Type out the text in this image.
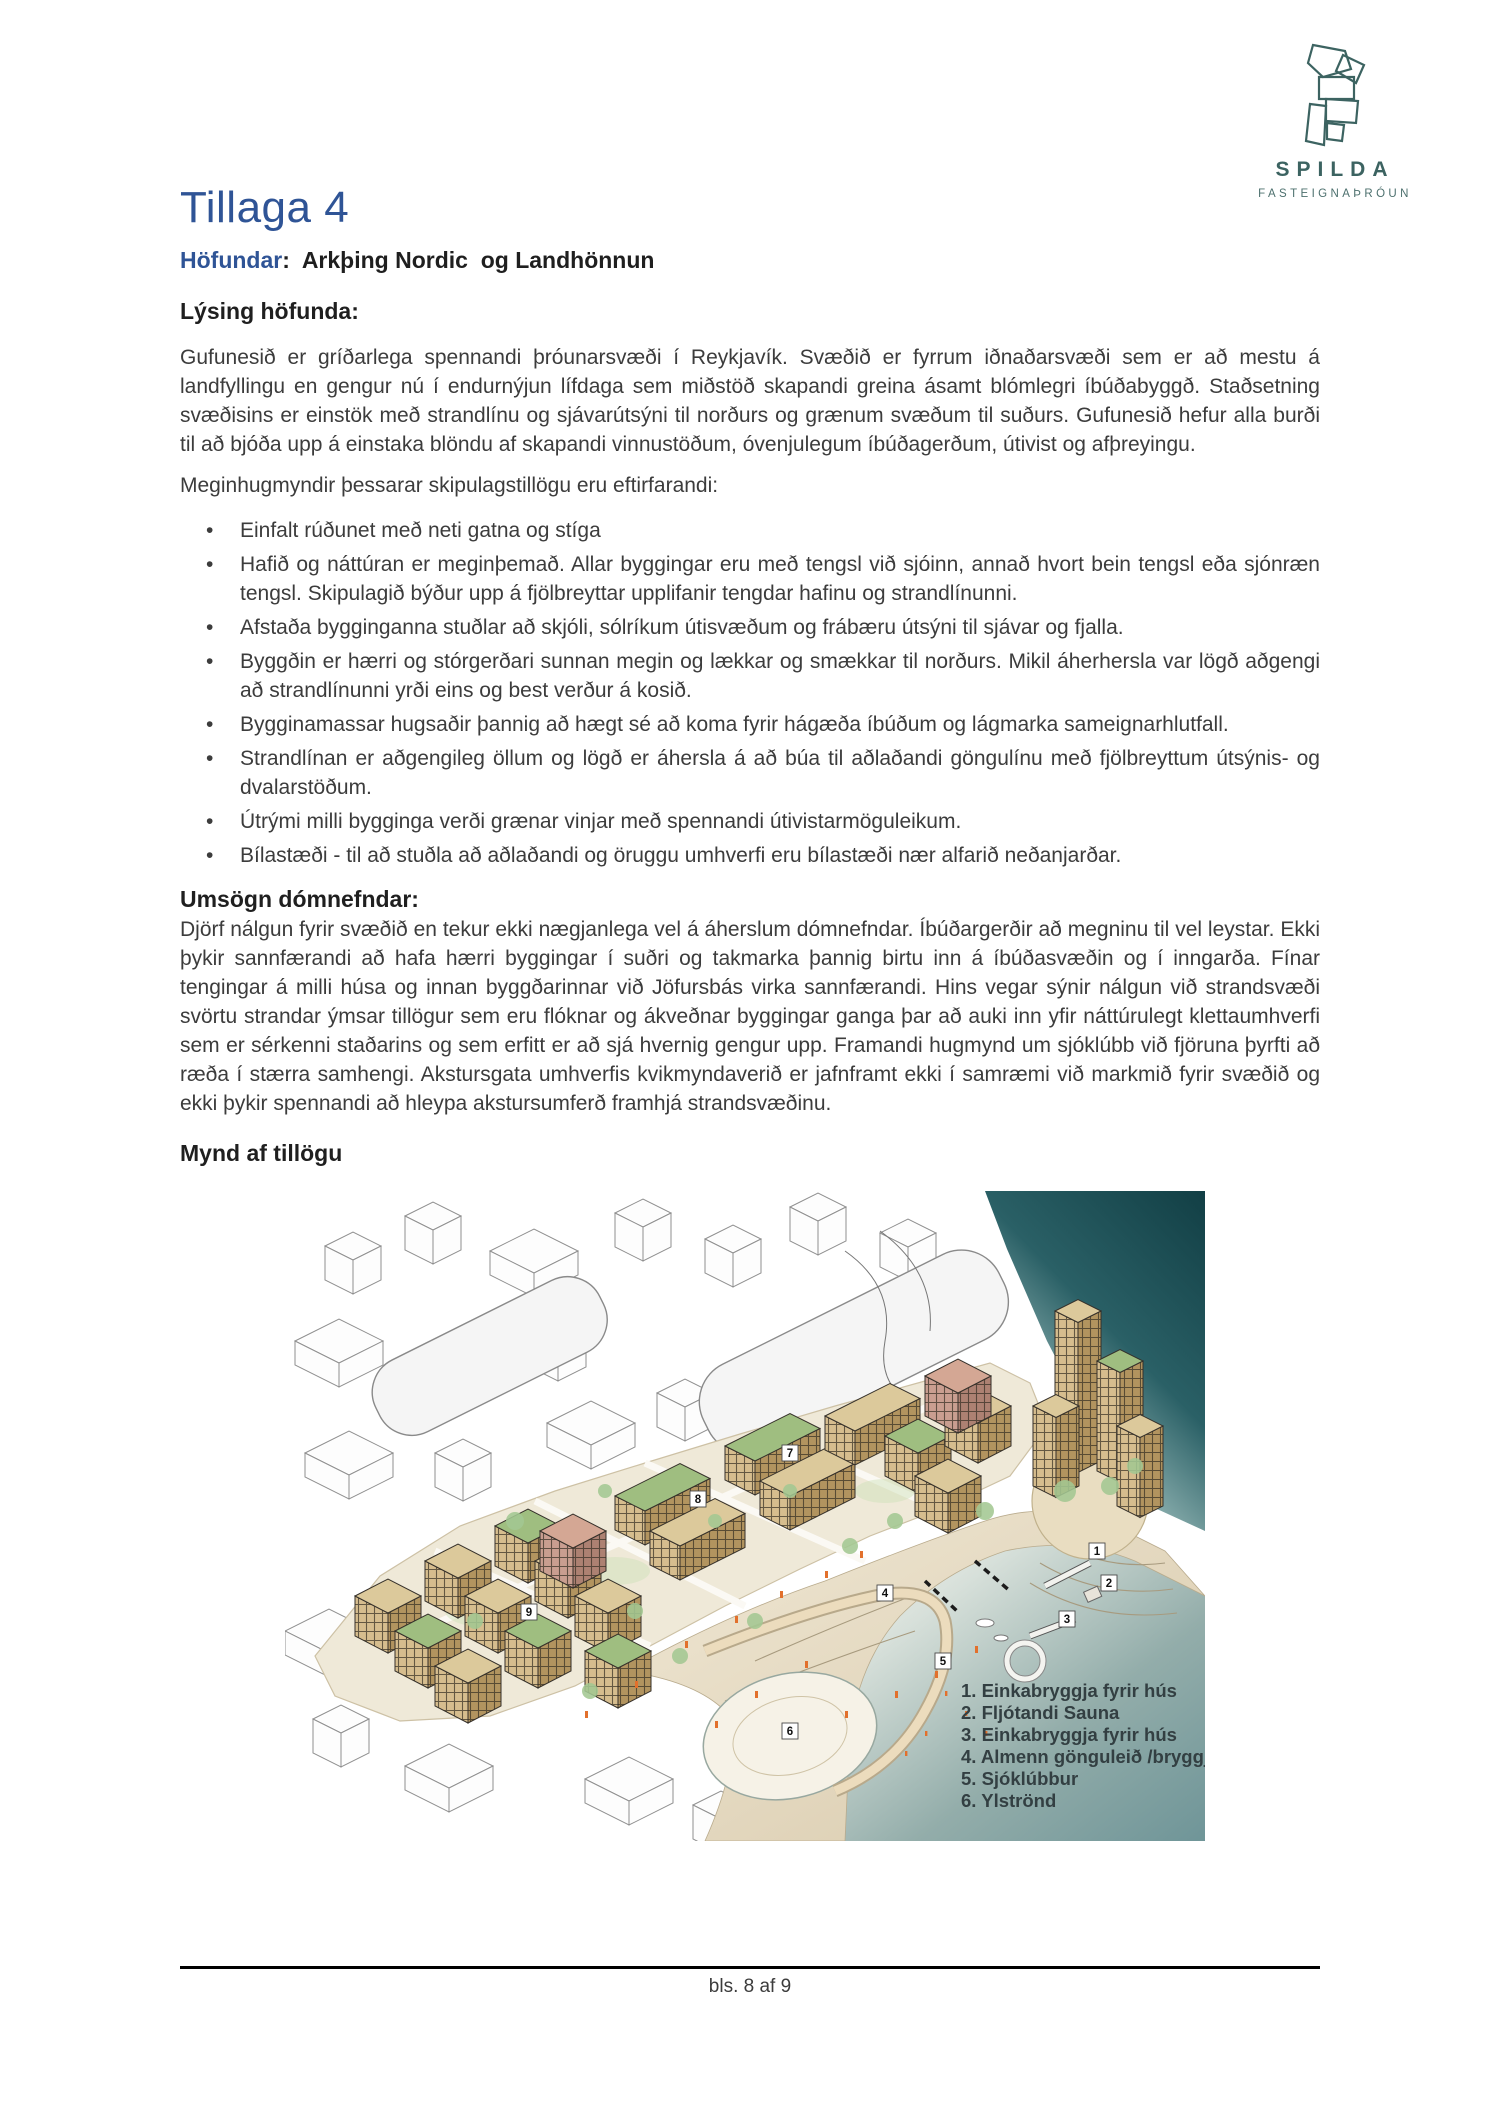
SPILDA
FASTEIGNAÞRÓUN
Tillaga 4

Höfundar:  Arkþing Nordic  og Landhönnun

Lýsing höfunda:

Gufunesið er gríðarlega spennandi þróunarsvæði í Reykjavík. Svæðið er fyrrum iðnaðarsvæði sem er að mestu á landfyllingu en gengur nú í endurnýjun lífdaga sem miðstöð skapandi greina ásamt blómlegri íbúðabyggð. Staðsetning svæðisins er einstök með strandlínu og sjávarútsýni til norðurs og grænum svæðum til suðurs. Gufunesið hefur alla burði til að bjóða upp á einstaka blöndu af skapandi vinnustöðum, óvenjulegum íbúðagerðum, útivist og afþreyingu.

Meginhugmyndir þessarar skipulagstillögu eru eftirfarandi:

• Einfalt rúðunet með neti gatna og stíga
• Hafið og náttúran er meginþemað. Allar byggingar eru með tengsl við sjóinn, annað hvort bein tengsl eða sjónræn tengsl. Skipulagið býður upp á fjölbreyttar upplifanir tengdar hafinu og strandlínunni.
• Afstaða bygginganna stuðlar að skjóli, sólríkum útisvæðum og frábæru útsýni til sjávar og fjalla.
• Byggðin er hærri og stórgerðari sunnan megin og lækkar og smækkar til norðurs. Mikil áherhersla var lögð aðgengi að strandlínunni yrði eins og best verður á kosið.
• Bygginamassar hugsaðir þannig að hægt sé að koma fyrir hágæða íbúðum og lágmarka sameignarhlutfall.
• Strandlínan er aðgengileg öllum og lögð er áhersla á að búa til aðlaðandi göngulínu með fjölbreyttum útsýnis- og dvalarstöðum.
• Útrými milli bygginga verði grænar vinjar með spennandi útivistarmöguleikum.
• Bílastæði - til að stuðla að aðlaðandi og öruggu umhverfi eru bílastæði nær alfarið neðanjarðar.
Umsögn dómnefndar:

Djörf nálgun fyrir svæðið en tekur ekki nægjanlega vel á áherslum dómnefndar. Íbúðargerðir að megninu til vel leystar. Ekki þykir sannfærandi að hafa hærri byggingar í suðri og takmarka þannig birtu inn á íbúðasvæðin og í inngarða. Fínar tengingar á milli húsa og innan byggðarinnar við Jöfursbás virka sannfærandi. Hins vegar sýnir nálgun við strandsvæði svörtu strandar ýmsar tillögur sem eru flóknar og ákveðnar byggingar ganga þar að auki inn yfir náttúrulegt klettaumhverfi sem er sérkenni staðarins og sem erfitt er að sjá hvernig gengur upp. Framandi hugmynd um sjóklúbb við fjöruna þyrfti að ræða í stærra samhengi. Akstursgata umhverfis kvikmyndaverið er jafnframt ekki í samræmi við markmið fyrir svæðið og ekki þykir spennandi að hleypa akstursumferð framhjá strandsvæðinu.

Mynd af tillögu
1
2
3
4
5
6
7
8
9
1. Einkabryggja fyrir hús
2. Fljótandi Sauna
3. Einkabryggja fyrir hús
4. Almenn gönguleið /bryggja
5. Sjóklúbbur
6. Ylströnd
bls. 8 af 9
